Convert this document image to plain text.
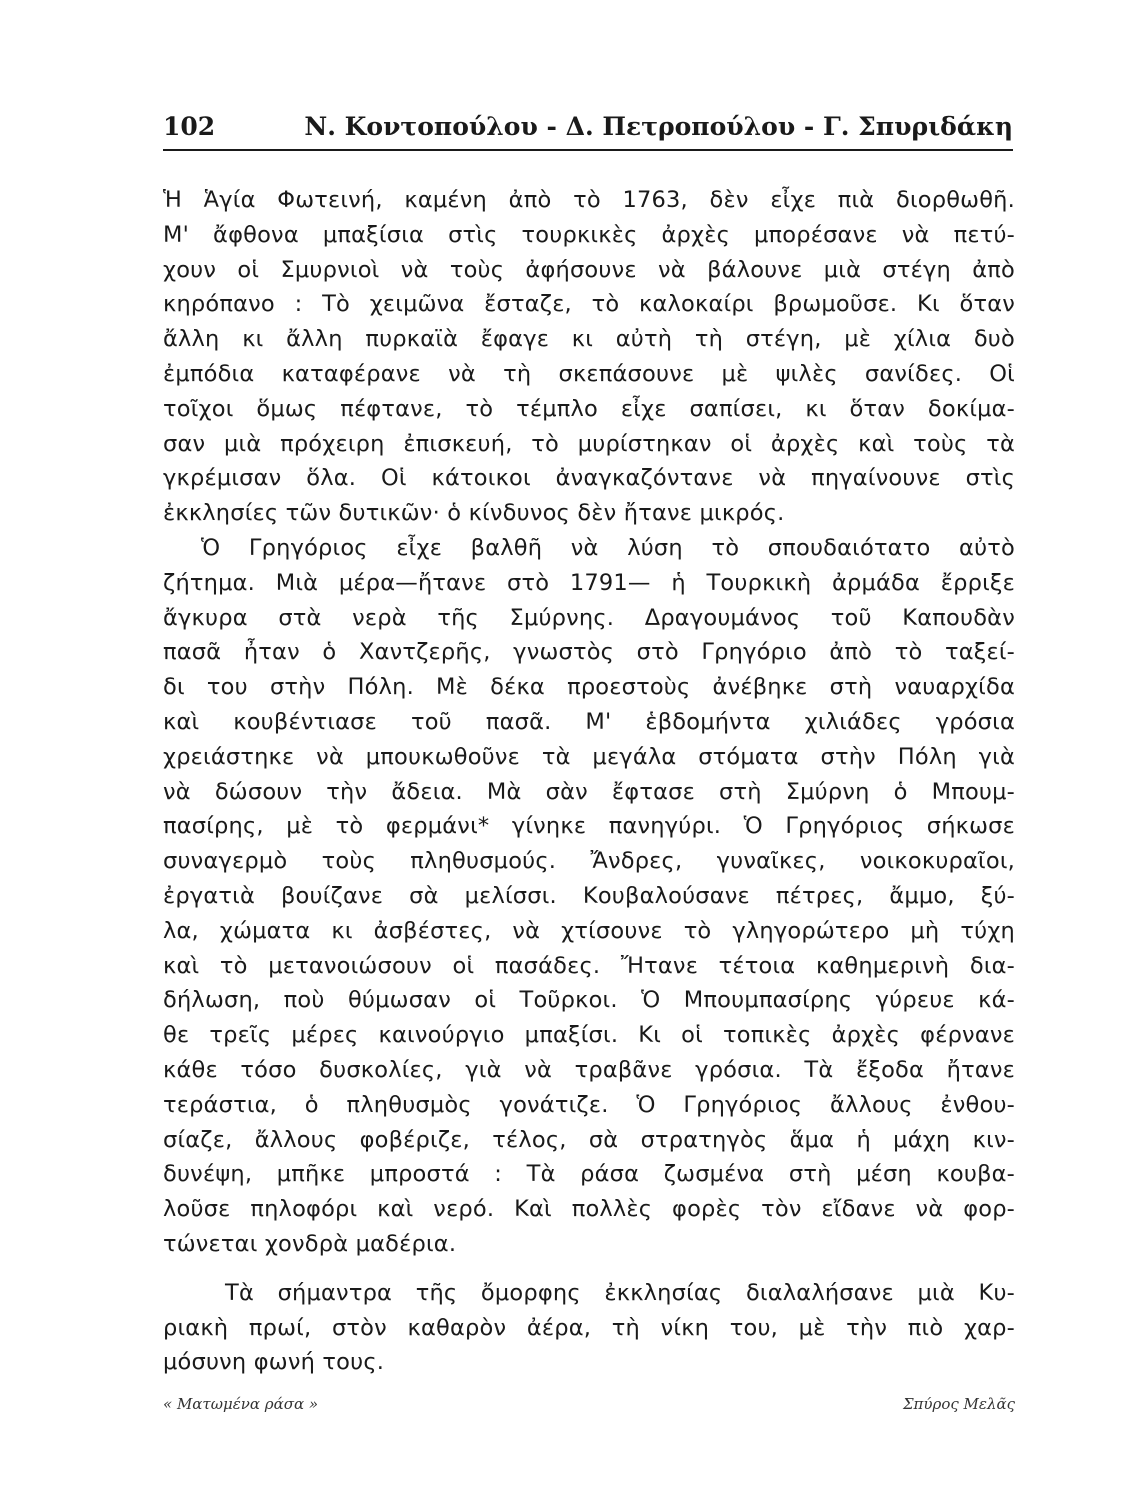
102	Ν. Κοντοπούλου - Δ. Πετροπούλου - Γ. Σπυριδάκη
Ἡ Ἁγία Φωτεινή, καμένη ἀπὸ τὸ 1763, δὲν εἶχε πιὰ διορθωθῆ.
Μ' ἄφθονα μπαξίσια στὶς τουρκικὲς ἀρχὲς μπορέσανε νὰ πετύ-
χουν οἱ Σμυρνιοὶ νὰ τοὺς ἀφήσουνε νὰ βάλουνε μιὰ στέγη ἀπὸ
κηρόπανο : Τὸ χειμῶνα ἔσταζε, τὸ καλοκαίρι βρωμοῦσε. Κι ὅταν
ἄλλη κι ἄλλη πυρκαϊὰ ἔφαγε κι αὐτὴ τὴ στέγη, μὲ χίλια δυὸ
ἐμπόδια καταφέρανε νὰ τὴ σκεπάσουνε μὲ ψιλὲς σανίδες. Οἱ
τοῖχοι ὅμως πέφτανε, τὸ τέμπλο εἶχε σαπίσει, κι ὅταν δοκίμα-
σαν μιὰ πρόχειρη ἐπισκευή, τὸ μυρίστηκαν οἱ ἀρχὲς καὶ τοὺς τὰ
γκρέμισαν ὅλα. Οἱ κάτοικοι ἀναγκαζόντανε νὰ πηγαίνουνε στὶς
ἐκκλησίες τῶν δυτικῶν· ὁ κίνδυνος δὲν ἤτανε μικρός.
Ὁ Γρηγόριος εἶχε βαλθῆ νὰ λύση τὸ σπουδαιότατο αὐτὸ
ζήτημα. Μιὰ μέρα—ἤτανε στὸ 1791— ἡ Τουρκικὴ ἀρμάδα ἔρριξε
ἄγκυρα στὰ νερὰ τῆς Σμύρνης. Δραγουμάνος τοῦ Καπουδὰν
πασᾶ ἦταν ὁ Χαντζερῆς, γνωστὸς στὸ Γρηγόριο ἀπὸ τὸ ταξεί-
δι του στὴν Πόλη. Μὲ δέκα προεστοὺς ἀνέβηκε στὴ ναυαρχίδα
καὶ κουβέντιασε τοῦ πασᾶ. Μ' ἑβδομήντα χιλιάδες γρόσια
χρειάστηκε νὰ μπουκωθοῦνε τὰ μεγάλα στόματα στὴν Πόλη γιὰ
νὰ δώσουν τὴν ἄδεια. Μὰ σὰν ἔφτασε στὴ Σμύρνη ὁ Μπουμ-
πασίρης, μὲ τὸ φερμάνι* γίνηκε πανηγύρι. Ὁ Γρηγόριος σήκωσε
συναγερμὸ τοὺς πληθυσμούς. Ἄνδρες, γυναῖκες, νοικοκυραῖοι,
ἐργατιὰ βουίζανε σὰ μελίσσι. Κουβαλούσανε πέτρες, ἄμμο, ξύ-
λα, χώματα κι ἀσβέστες, νὰ χτίσουνε τὸ γληγορώτερο μὴ τύχη
καὶ τὸ μετανοιώσουν οἱ πασάδες. Ἤτανε τέτοια καθημερινὴ δια-
δήλωση, ποὺ θύμωσαν οἱ Τοῦρκοι. Ὁ Μπουμπασίρης γύρευε κά-
θε τρεῖς μέρες καινούργιο μπαξίσι. Κι οἱ τοπικὲς ἀρχὲς φέρνανε
κάθε τόσο δυσκολίες, γιὰ νὰ τραβᾶνε γρόσια. Τὰ ἔξοδα ἤτανε
τεράστια, ὁ πληθυσμὸς γονάτιζε. Ὁ Γρηγόριος ἄλλους ἐνθου-
σίαζε, ἄλλους φοβέριζε, τέλος, σὰ στρατηγὸς ἅμα ἡ μάχη κιν-
δυνέψη, μπῆκε μπροστά : Τὰ ράσα ζωσμένα στὴ μέση κουβα-
λοῦσε πηλοφόρι καὶ νερό. Καὶ πολλὲς φορὲς τὸν εἴδανε νὰ φορ-
τώνεται χονδρὰ μαδέρια.
Τὰ σήμαντρα τῆς ὄμορφης ἐκκλησίας διαλαλήσανε μιὰ Κυ-
ριακὴ πρωί, στὸν καθαρὸν ἀέρα, τὴ νίκη του, μὲ τὴν πιὸ χαρ-
μόσυνη φωνή τους.
« Ματωμένα ράσα »	Σπύρος Μελᾶς
